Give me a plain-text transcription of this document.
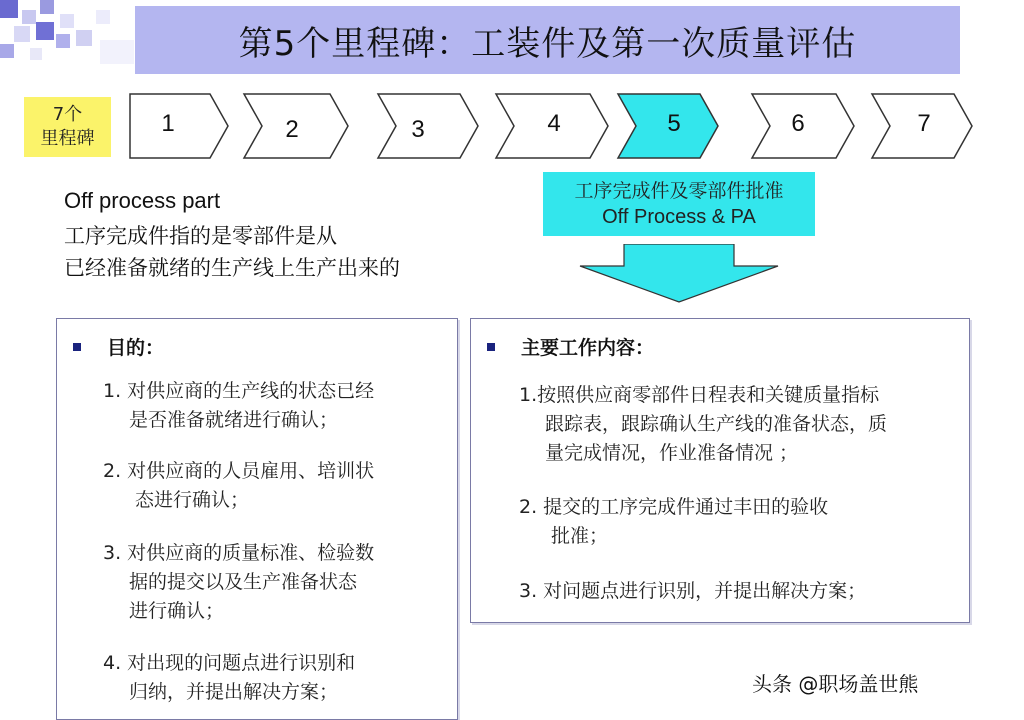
第5个里程碑：工装件及第一次质量评估
7个
里程碑
1	2	3	4	5	6	7
Off process part
工序完成件指的是零部件是从
已经准备就绪的生产线上生产出来的
工序完成件及零部件批准
Off Process & PA
目的：
1. 对供应商的生产线的状态已经
是否准备就绪进行确认；
2. 对供应商的人员雇用、培训状
态进行确认；
3. 对供应商的质量标准、检验数
据的提交以及生产准备状态
进行确认；
4. 对出现的问题点进行识别和
归纳，并提出解决方案；
主要工作内容：
1.按照供应商零部件日程表和关键质量指标
跟踪表，跟踪确认生产线的准备状态，质
量完成情况，作业准备情况 ；
2. 提交的工序完成件通过丰田的验收
批准；
3. 对问题点进行识别，并提出解决方案；
头条 @职场盖世熊
